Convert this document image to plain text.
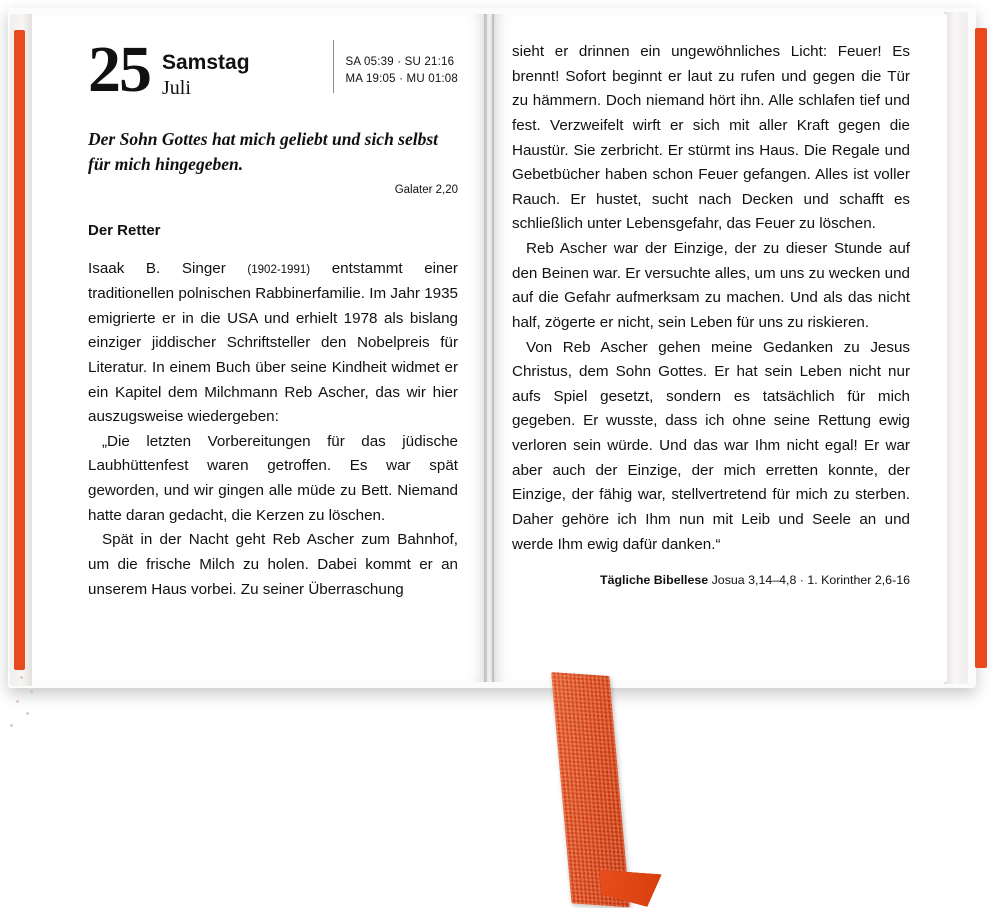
25 Samstag
Juli
SA 05:39 · SU 21:16
MA 19:05 · MU 01:08
Der Sohn Gottes hat mich geliebt und sich selbst für mich hingegeben.
Galater 2,20
Der Retter

Isaak B. Singer (1902-1991) entstammt einer traditionellen polnischen Rabbinerfamilie. Im Jahr 1935 emigrierte er in die USA und erhielt 1978 als bislang einziger jiddischer Schriftsteller den Nobelpreis für Literatur. In einem Buch über seine Kindheit widmet er ein Kapitel dem Milchmann Reb Ascher, das wir hier auszugsweise wiedergeben:

„Die letzten Vorbereitungen für das jüdische Laubhüttenfest waren getroffen. Es war spät geworden, und wir gingen alle müde zu Bett. Niemand hatte daran gedacht, die Kerzen zu löschen.

Spät in der Nacht geht Reb Ascher zum Bahnhof, um die frische Milch zu holen. Dabei kommt er an unserem Haus vorbei. Zu seiner Überraschung

sieht er drinnen ein ungewöhnliches Licht: Feuer! Es brennt! Sofort beginnt er laut zu rufen und gegen die Tür zu hämmern. Doch niemand hört ihn. Alle schlafen tief und fest. Verzweifelt wirft er sich mit aller Kraft gegen die Haustür. Sie zerbricht. Er stürmt ins Haus. Die Regale und Gebetbücher haben schon Feuer gefangen. Alles ist voller Rauch. Er hustet, sucht nach Decken und schafft es schließlich unter Lebensgefahr, das Feuer zu löschen.

Reb Ascher war der Einzige, der zu dieser Stunde auf den Beinen war. Er versuchte alles, um uns zu wecken und auf die Gefahr aufmerksam zu machen. Und als das nicht half, zögerte er nicht, sein Leben für uns zu riskieren.

Von Reb Ascher gehen meine Gedanken zu Jesus Christus, dem Sohn Gottes. Er hat sein Leben nicht nur aufs Spiel gesetzt, sondern es tatsächlich für mich gegeben. Er wusste, dass ich ohne seine Rettung ewig verloren sein würde. Und das war Ihm nicht egal! Er war aber auch der Einzige, der mich erretten konnte, der Einzige, der fähig war, stellvertretend für mich zu sterben. Daher gehöre ich Ihm nun mit Leib und Seele an und werde Ihm ewig dafür danken.“

Tägliche Bibellese Josua 3,14–4,8 · 1. Korinther 2,6-16
